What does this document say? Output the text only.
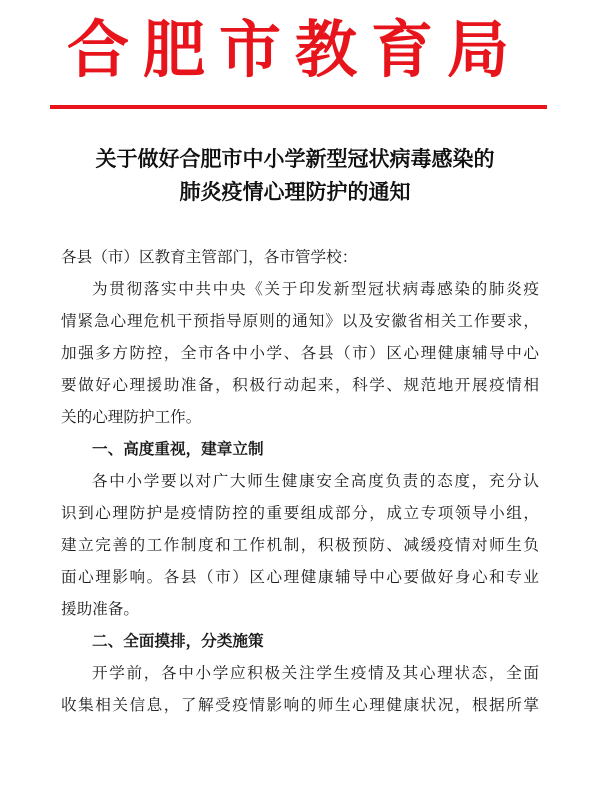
合肥市教育局
关于做好合肥市中小学新型冠状病毒感染的
肺炎疫情心理防护的通知
各县（市）区教育主管部门，各市管学校：
为贯彻落实中共中央《关于印发新型冠状病毒感染的肺炎疫
情紧急心理危机干预指导原则的通知》以及安徽省相关工作要求，
加强多方防控，全市各中小学、各县（市）区心理健康辅导中心
要做好心理援助准备，积极行动起来，科学、规范地开展疫情相
关的心理防护工作。
一、高度重视，建章立制
各中小学要以对广大师生健康安全高度负责的态度，充分认
识到心理防护是疫情防控的重要组成部分，成立专项领导小组，
建立完善的工作制度和工作机制，积极预防、减缓疫情对师生负
面心理影响。各县（市）区心理健康辅导中心要做好身心和专业
援助准备。
二、全面摸排，分类施策
开学前，各中小学应积极关注学生疫情及其心理状态，全面
收集相关信息，了解受疫情影响的师生心理健康状况，根据所掌
